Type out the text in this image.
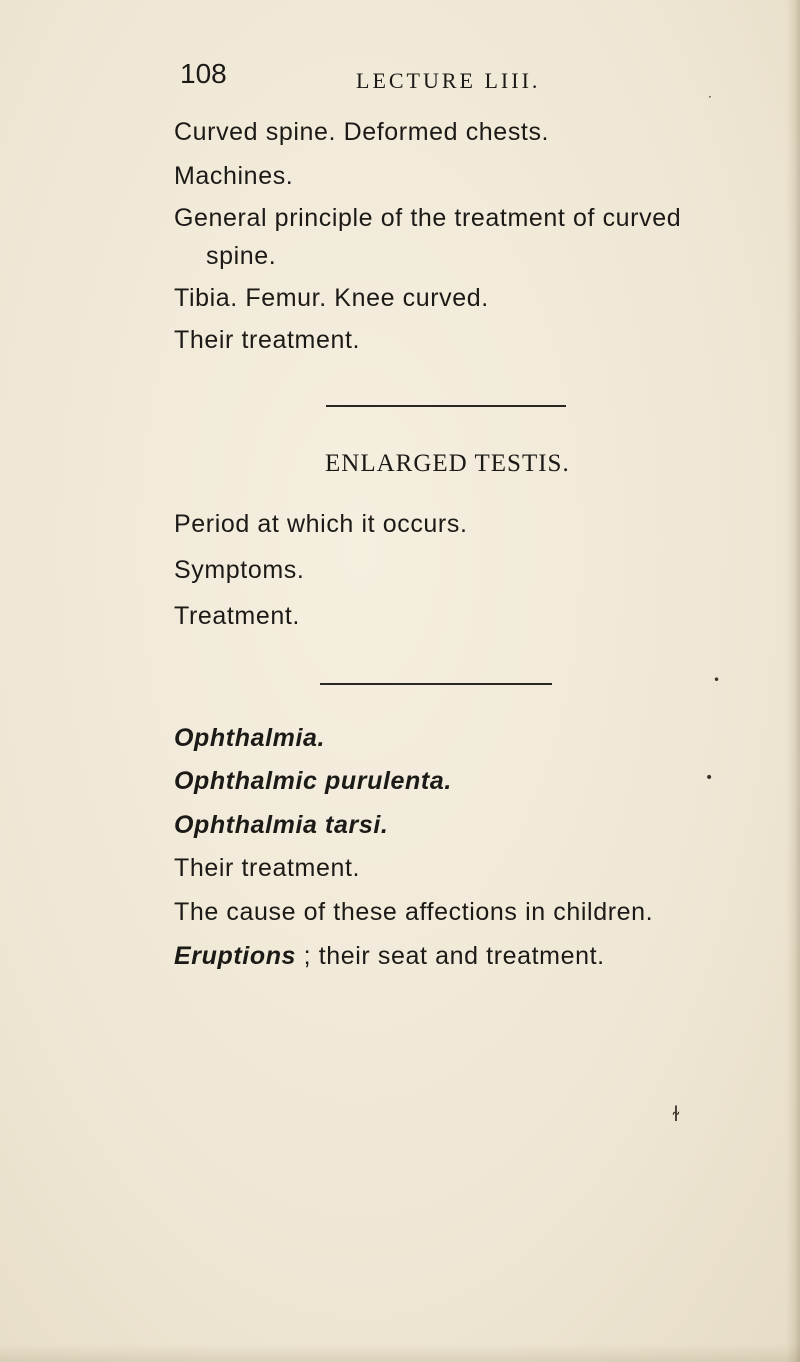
108	LECTURE LIII.
Curved spine. Deformed chests.
Machines.
General principle of the treatment of curved
spine.
Tibia. Femur. Knee curved.
Their treatment.
ENLARGED TESTIS.
Period at which it occurs.
Symptoms.
Treatment.
Ophthalmia.
Ophthalmic purulenta.
Ophthalmia tarsi.
Their treatment.
The cause of these affections in children.
Eruptions ; their seat and treatment.
·
•
•
ɫ
